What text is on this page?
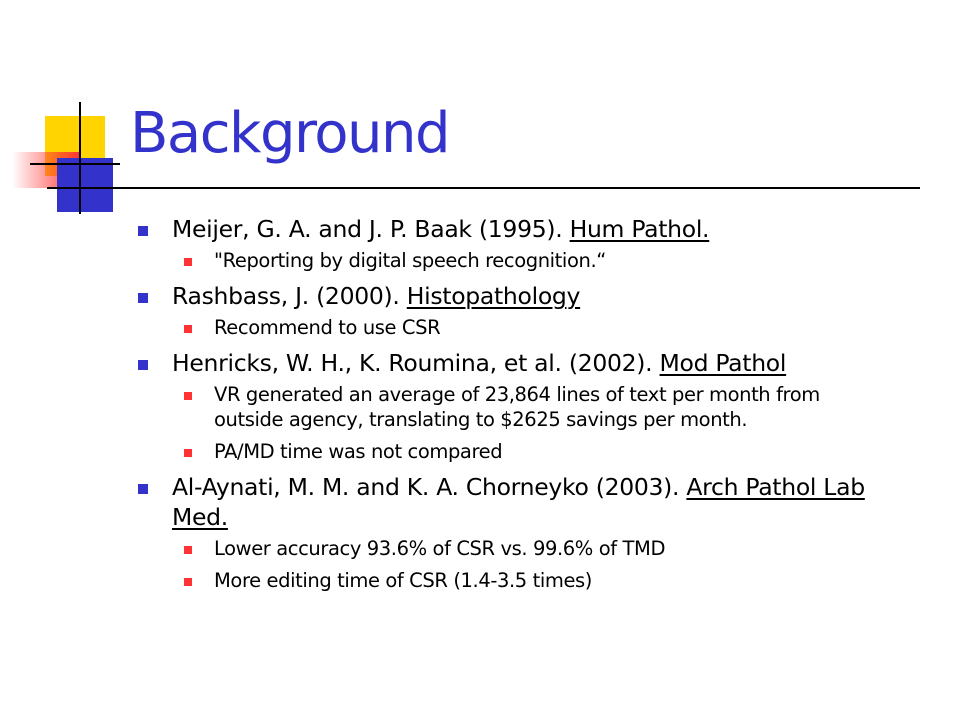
Background
Meijer, G. A. and J. P. Baak (1995). Hum Pathol.
"Reporting by digital speech recognition.“
Rashbass, J. (2000). Histopathology
Recommend to use CSR
Henricks, W. H., K. Roumina, et al. (2002). Mod Pathol
VR generated an average of 23,864 lines of text per month from outside agency, translating to $2625 savings per month.
PA/MD time was not compared
Al-Aynati, M. M. and K. A. Chorneyko (2003). Arch Pathol Lab Med.
Lower accuracy 93.6% of CSR vs. 99.6% of TMD
More editing time of CSR (1.4-3.5 times)
